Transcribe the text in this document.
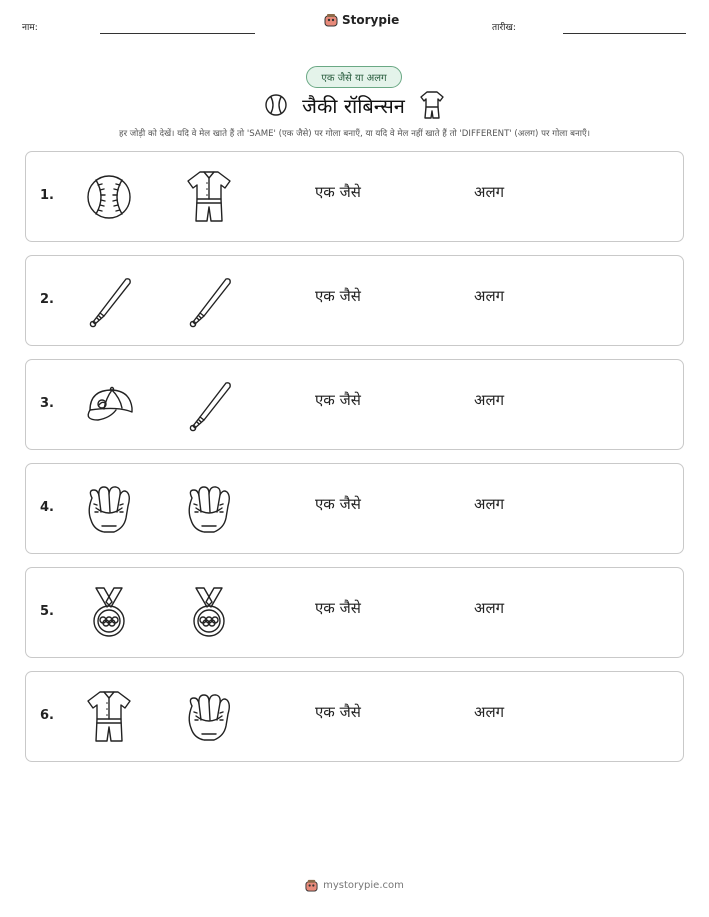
नाम:
Storypie
तारीख:
एक जैसे या अलग
जैकी रॉबिन्सन
हर जोड़ी को देखें। यदि वे मेल खाते हैं तो 'SAME' (एक जैसे) पर गोला बनाएँ, या यदि वे मेल नहीं खाते हैं तो 'DIFFERENT' (अलग) पर गोला बनाएँ।
1.	एक जैसे	अलग
2.	एक जैसे	अलग
3.	एक जैसे	अलग
4.	एक जैसे	अलग
5.	एक जैसे	अलग
6.	एक जैसे	अलग
mystorypie.com
